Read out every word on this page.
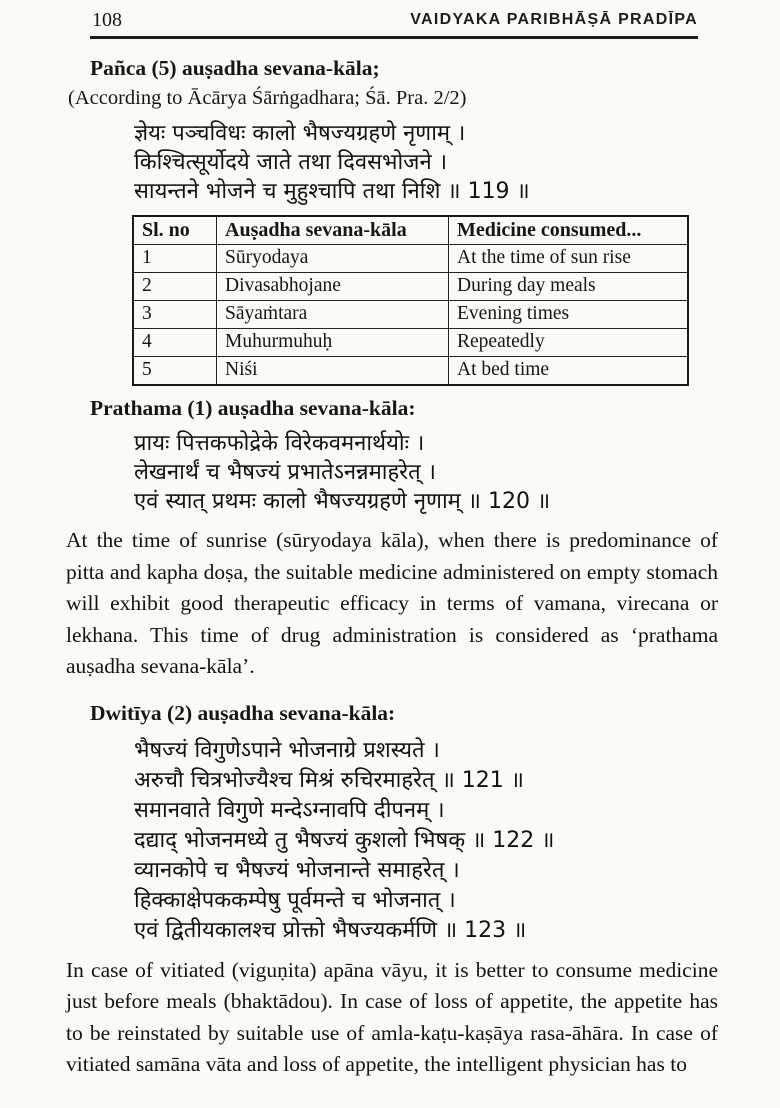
108	VAIDYAKA PARIBHĀṢĀ PRADĪPA
Pañca (5) auṣadha sevana-kāla;

(According to Ācārya Śārṅgadhara; Śā. Pra. 2/2)

ज्ञेयः पञ्चविधः कालो भैषज्यग्रहणे नृणाम् ।
किश्चित्सूर्योदये जाते तथा दिवसभोजने ।
सायन्तने भोजने च मुहुश्चापि तथा निशि ॥ 119 ॥
Sl. no	Auṣadha sevana-kāla	Medicine consumed...
1	Sūryodaya	At the time of sun rise
2	Divasabhojane	During day meals
3	Sāyaṁtara	Evening times
4	Muhurmuhuḥ	Repeatedly
5	Niśi	At bed time
Prathama (1) auṣadha sevana-kāla:
प्रायः पित्तकफोद्रेके विरेकवमनार्थयोः ।
लेखनार्थं च भैषज्यं प्रभातेऽनन्नमाहरेत् ।
एवं स्यात् प्रथमः कालो भैषज्यग्रहणे नृणाम् ॥ 120 ॥

At the time of sunrise (sūryodaya kāla), when there is predominance of pitta and kapha doṣa, the suitable medicine administered on empty stomach will exhibit good therapeutic efficacy in terms of vamana, virecana or lekhana. This time of drug administration is considered as ‘prathama auṣadha sevana-kāla’.

Dwitīya (2) auṣadha sevana-kāla:
भैषज्यं विगुणेऽपाने भोजनाग्रे प्रशस्यते ।
अरुचौ चित्रभोज्यैश्च मिश्रं रुचिरमाहरेत् ॥ 121 ॥
समानवाते विगुणे मन्देऽग्नावपि दीपनम् ।
दद्याद् भोजनमध्ये तु भैषज्यं कुशलो भिषक् ॥ 122 ॥
व्यानकोपे च भैषज्यं भोजनान्ते समाहरेत् ।
हिक्काक्षेपककम्पेषु पूर्वमन्ते च भोजनात् ।
एवं द्वितीयकालश्च प्रोक्तो भैषज्यकर्मणि ॥ 123 ॥

In case of vitiated (viguṇita) apāna vāyu, it is better to consume medicine just before meals (bhaktādou). In case of loss of appetite, the appetite has to be reinstated by suitable use of amla-kaṭu-kaṣāya rasa-āhāra. In case of vitiated samāna vāta and loss of appetite, the intelligent physician has to
